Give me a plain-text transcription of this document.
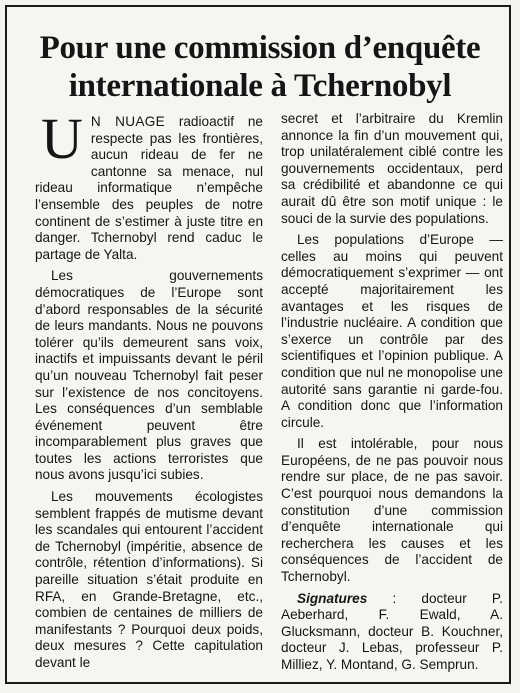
Pour une commission d’enquête
internationale à Tchernobyl

U N NUAGE radioactif ne respecte pas les frontières, aucun rideau de fer ne cantonne sa menace, nul rideau informatique n’empêche l’ensemble des peuples de notre continent de s’estimer à juste titre en danger. Tchernobyl rend caduc le partage de Yalta.

Les gouvernements démocratiques de l’Europe sont d’abord responsables de la sécurité de leurs mandants. Nous ne pouvons tolérer qu’ils demeurent sans voix, inactifs et impuissants devant le péril qu’un nouveau Tchernobyl fait peser sur l’existence de nos concitoyens. Les conséquences d’un semblable événement peuvent être incomparablement plus graves que toutes les actions terroristes que nous avons jusqu’ici subies.

Les mouvements écologistes semblent frappés de mutisme devant les scandales qui entourent l’accident de Tchernobyl (impéritie, absence de contrôle, rétention d’informations). Si pareille situation s’était produite en RFA, en Grande-Bretagne, etc., combien de centaines de milliers de manifestants ? Pourquoi deux poids, deux mesures ? Cette capitulation devant le

secret et l’arbitraire du Kremlin annonce la fin d’un mouvement qui, trop unilatéralement ciblé contre les gouvernements occidentaux, perd sa crédibilité et abandonne ce qui aurait dû être son motif unique : le souci de la survie des populations.

Les populations d’Europe — celles au moins qui peuvent démocratiquement s’exprimer — ont accepté majoritairement les avantages et les risques de l’industrie nucléaire. A condition que s’exerce un contrôle par des scientifiques et l’opinion publique. A condition que nul ne monopolise une autorité sans garantie ni garde-fou. A condition donc que l’information circule.

Il est intolérable, pour nous Européens, de ne pas pouvoir nous rendre sur place, de ne pas savoir. C’est pourquoi nous demandons la constitution d’une commission d’enquête internationale qui recherchera les causes et les conséquences de l’accident de Tchernobyl.

Signatures : docteur P. Aeberhard, F. Ewald, A. Glucksmann, docteur B. Kouchner, docteur J. Lebas, professeur P. Milliez, Y. Montand, G. Semprun.
